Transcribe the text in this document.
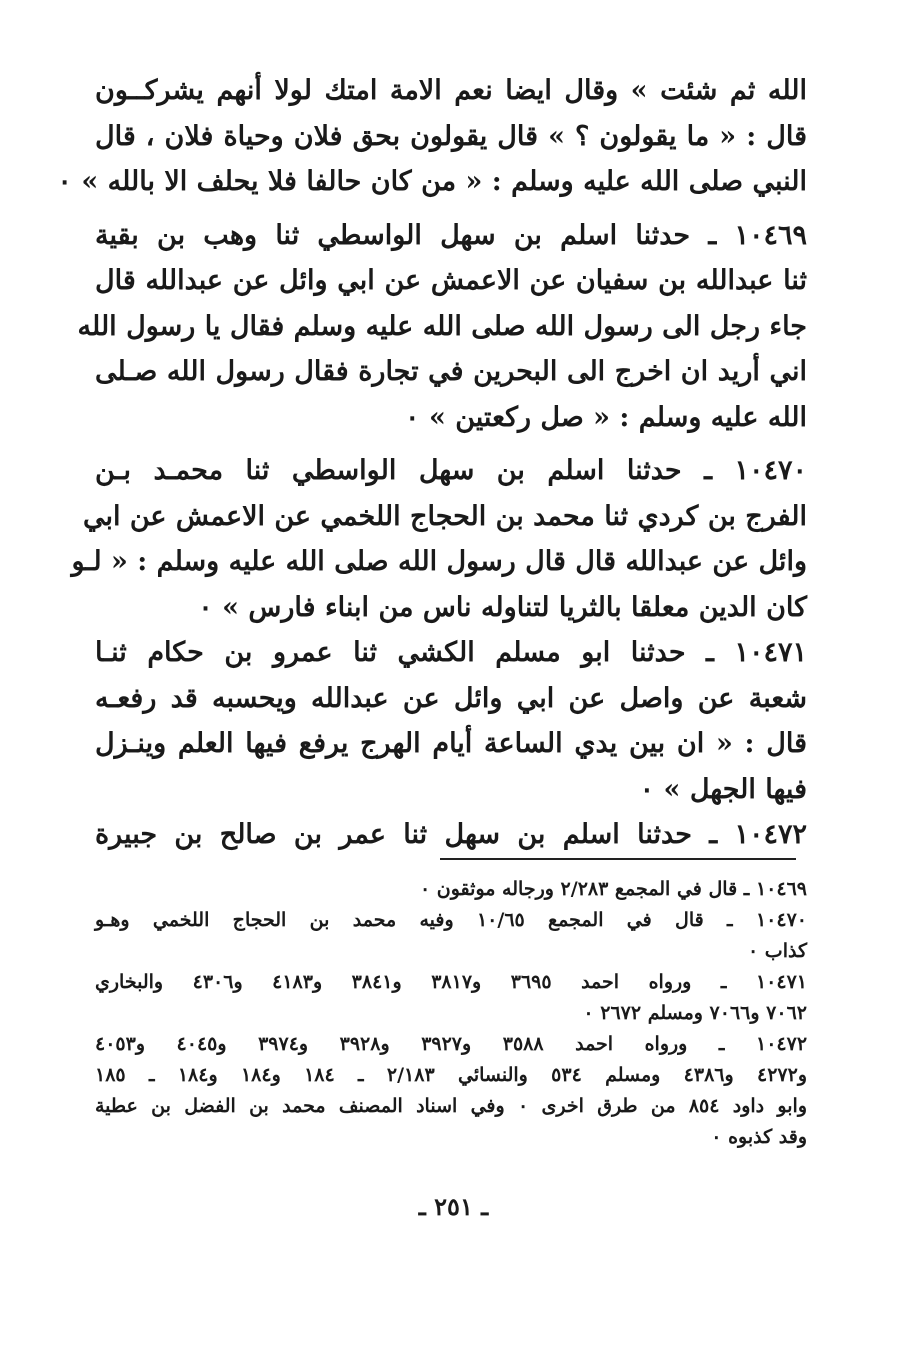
الله ثم شئت » وقال ايضا نعم الامة امتك لولا أنهم يشركــون
قال : « ما يقولون ؟ » قال يقولون بحق فلان وحياة فلان ، قال
النبي صلى الله عليه وسلم : « من كان حالفا فلا يحلف الا بالله » ٠
١٠٤٦٩ ـ حدثنا اسلم بن سهل الواسطي ثنا وهب بن بقية
ثنا عبدالله بن سفيان عن الاعمش عن ابي وائل عن عبدالله قال
جاء رجل الى رسول الله صلى الله عليه وسلم فقال يا رسول الله
اني أريد ان اخرج الى البحرين في تجارة فقال رسول الله صـلى
الله عليه وسلم : « صل ركعتين » ٠
١٠٤٧٠ ـ حدثنا اسلم بن سهل الواسطي ثنا محمـد بـن
الفرج بن كردي ثنا محمد بن الحجاج اللخمي عن الاعمش عن ابي
وائل عن عبدالله قال قال رسول الله صلى الله عليه وسلم : « لـو
كان الدين معلقا بالثريا لتناوله ناس من ابناء فارس » ٠
١٠٤٧١ ـ حدثنا ابو مسلم الكشي ثنا عمرو بن حكام ثنـا
شعبة عن واصل عن ابي وائل عن عبدالله ويحسبه قد رفعـه
قال : « ان بين يدي الساعة أيام الهرج يرفع فيها العلم وينـزل
فيها الجهل » ٠
١٠٤٧٢ ـ حدثنا اسلم بن سهل ثنا عمر بن صالح بن جبيرة
١٠٤٦٩ ـ قال في المجمع ٢/٢٨٣ ورجاله موثقون ٠
١٠٤٧٠ ـ قال في المجمع ١٠/٦٥ وفيه محمد بن الحجاج اللخمي وهـو
كذاب ٠
١٠٤٧١ ـ ورواه احمد ٣٦٩٥ و٣٨١٧ و٣٨٤١ و٤١٨٣ و٤٣٠٦ والبخاري
٧٠٦٢ و٧٠٦٦ ومسلم ٢٦٧٢ ٠
١٠٤٧٢ ـ ورواه احمد ٣٥٨٨ و٣٩٢٧ و٣٩٢٨ و٣٩٧٤ و٤٠٤٥ و٤٠٥٣
و٤٢٧٢ و٤٣٨٦ ومسلم ٥٣٤ والنسائي ٢/١٨٣ ـ ١٨٤ و١٨٤ و١٨٤ ـ ١٨٥
وابو داود ٨٥٤ من طرق اخرى ٠ وفي اسناد المصنف محمد بن الفضل بن عطية
وقد كذبوه ٠
ـ ٢٥١ ـ
